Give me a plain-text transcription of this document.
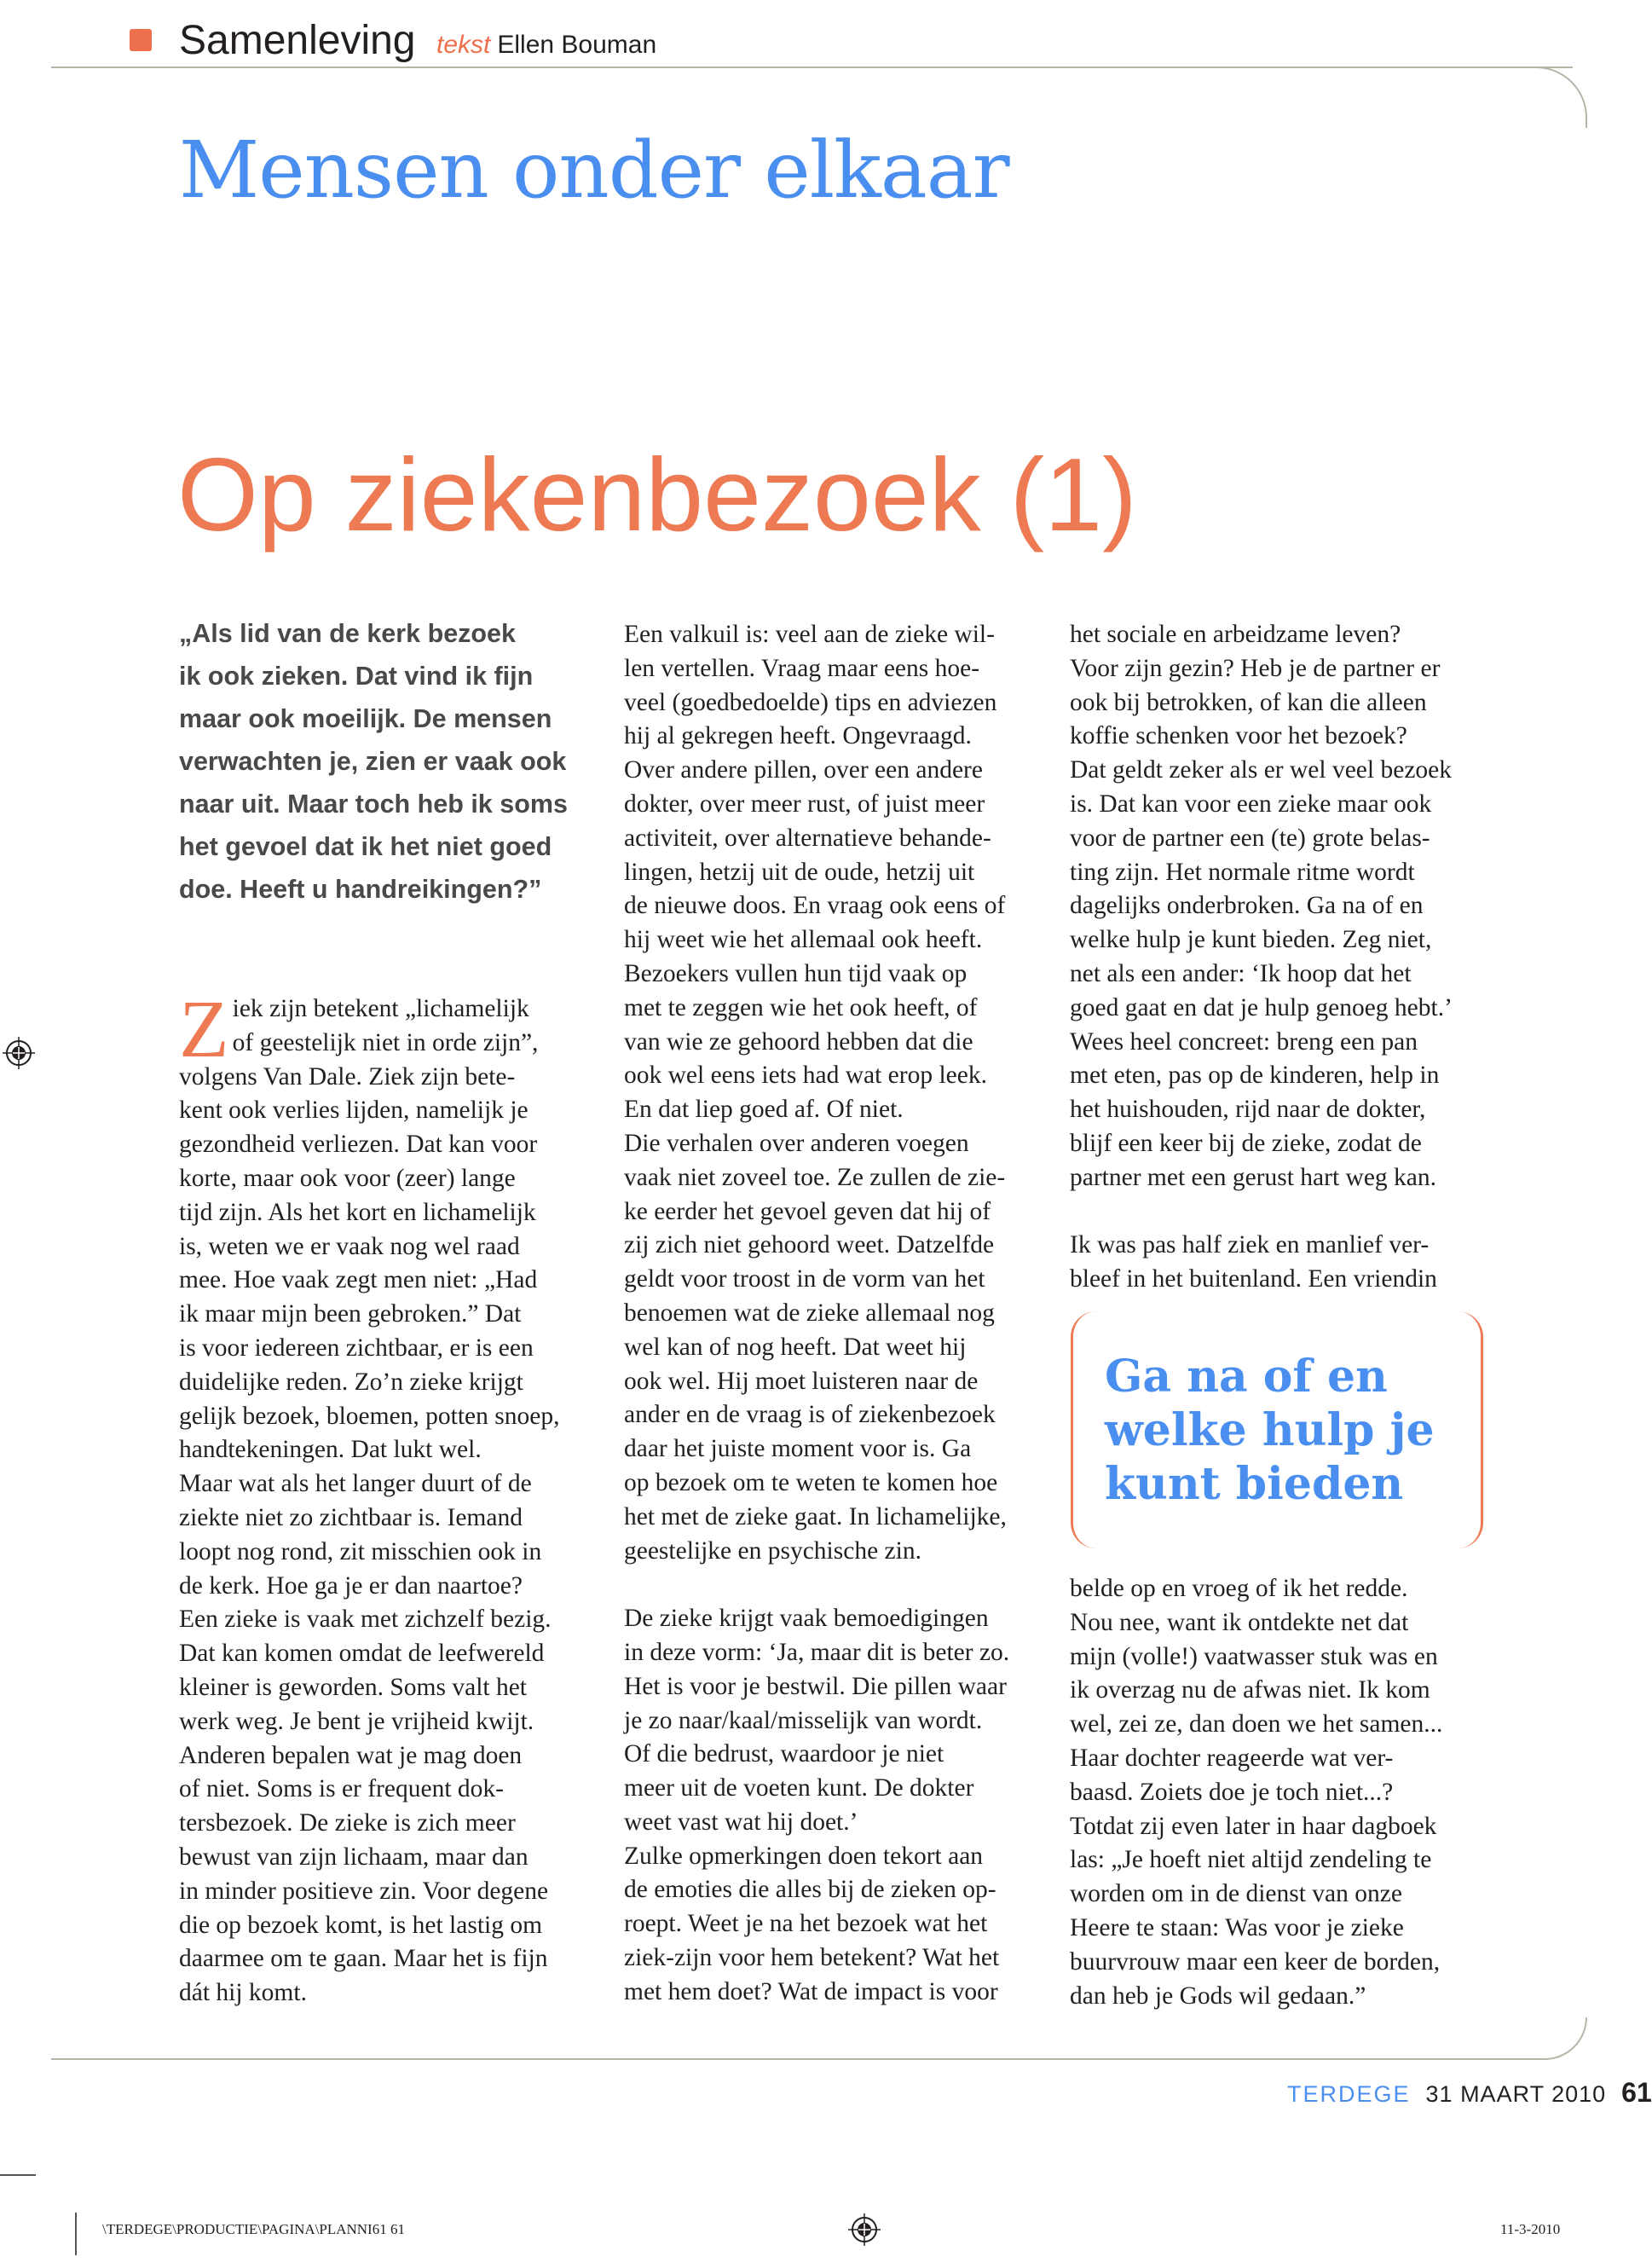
Samenleving tekst Ellen Bouman
Mensen onder elkaar
Op ziekenbezoek (1)

„Als lid van de kerk bezoek

ik ook zieken. Dat vind ik fijn

maar ook moeilijk. De mensen

verwachten je, zien er vaak ook

naar uit. Maar toch heb ik soms

het gevoel dat ik het niet goed

doe. Heeft u handreikingen?”

Z iek zijn betekent „lichamelijk

of geestelijk niet in orde zijn”,

volgens Van Dale. Ziek zijn bete-

kent ook verlies lijden, namelijk je

gezondheid verliezen. Dat kan voor

korte, maar ook voor (zeer) lange

tijd zijn. Als het kort en lichamelijk

is, weten we er vaak nog wel raad

mee. Hoe vaak zegt men niet: „Had

ik maar mijn been gebroken.” Dat

is voor iedereen zichtbaar, er is een

duidelijke reden. Zo’n zieke krijgt

gelijk bezoek, bloemen, potten snoep,

handtekeningen. Dat lukt wel.

Maar wat als het langer duurt of de

ziekte niet zo zichtbaar is. Iemand

loopt nog rond, zit misschien ook in

de kerk. Hoe ga je er dan naartoe?

Een zieke is vaak met zichzelf bezig.

Dat kan komen omdat de leefwereld

kleiner is geworden. Soms valt het

werk weg. Je bent je vrijheid kwijt.

Anderen bepalen wat je mag doen

of niet. Soms is er frequent dok-

tersbezoek. De zieke is zich meer

bewust van zijn lichaam, maar dan

in minder positieve zin. Voor degene

die op bezoek komt, is het lastig om

daarmee om te gaan. Maar het is fijn

dát hij komt.

Een valkuil is: veel aan de zieke wil-

len vertellen. Vraag maar eens hoe-

veel (goedbedoelde) tips en adviezen

hij al gekregen heeft. Ongevraagd.

Over andere pillen, over een andere

dokter, over meer rust, of juist meer

activiteit, over alternatieve behande-

lingen, hetzij uit de oude, hetzij uit

de nieuwe doos. En vraag ook eens of

hij weet wie het allemaal ook heeft.

Bezoekers vullen hun tijd vaak op

met te zeggen wie het ook heeft, of

van wie ze gehoord hebben dat die

ook wel eens iets had wat erop leek.

En dat liep goed af. Of niet.

Die verhalen over anderen voegen

vaak niet zoveel toe. Ze zullen de zie-

ke eerder het gevoel geven dat hij of

zij zich niet gehoord weet. Datzelfde

geldt voor troost in de vorm van het

benoemen wat de zieke allemaal nog

wel kan of nog heeft. Dat weet hij

ook wel. Hij moet luisteren naar de

ander en de vraag is of ziekenbezoek

daar het juiste moment voor is. Ga

op bezoek om te weten te komen hoe

het met de zieke gaat. In lichamelijke,

geestelijke en psychische zin.

De zieke krijgt vaak bemoedigingen

in deze vorm: ‘Ja, maar dit is beter zo.

Het is voor je bestwil. Die pillen waar

je zo naar/kaal/misselijk van wordt.

Of die bedrust, waardoor je niet

meer uit de voeten kunt. De dokter

weet vast wat hij doet.’

Zulke opmerkingen doen tekort aan

de emoties die alles bij de zieken op-

roept. Weet je na het bezoek wat het

ziek-zijn voor hem betekent? Wat het

met hem doet? Wat de impact is voor

het sociale en arbeidzame leven?

Voor zijn gezin? Heb je de partner er

ook bij betrokken, of kan die alleen

koffie schenken voor het bezoek?

Dat geldt zeker als er wel veel bezoek

is. Dat kan voor een zieke maar ook

voor de partner een (te) grote belas-

ting zijn. Het normale ritme wordt

dagelijks onderbroken. Ga na of en

welke hulp je kunt bieden. Zeg niet,

net als een ander: ‘Ik hoop dat het

goed gaat en dat je hulp genoeg hebt.’

Wees heel concreet: breng een pan

met eten, pas op de kinderen, help in

het huishouden, rijd naar de dokter,

blijf een keer bij de zieke, zodat de

partner met een gerust hart weg kan.

Ik was pas half ziek en manlief ver-

bleef in het buitenland. Een vriendin

Ga na of en
welke hulp je
kunt bieden

belde op en vroeg of ik het redde.

Nou nee, want ik ontdekte net dat

mijn (volle!) vaatwasser stuk was en

ik overzag nu de afwas niet. Ik kom

wel, zei ze, dan doen we het samen...

Haar dochter reageerde wat ver-

baasd. Zoiets doe je toch niet...?

Totdat zij even later in haar dagboek

las: „Je hoeft niet altijd zendeling te

worden om in de dienst van onze

Heere te staan: Was voor je zieke

buurvrouw maar een keer de borden,

dan heb je Gods wil gedaan.”

TERDEGE 31 MAART 2010 61
\TERDEGE\PRODUCTIE\PAGINA\PLANNI61 61	11-3-2010
